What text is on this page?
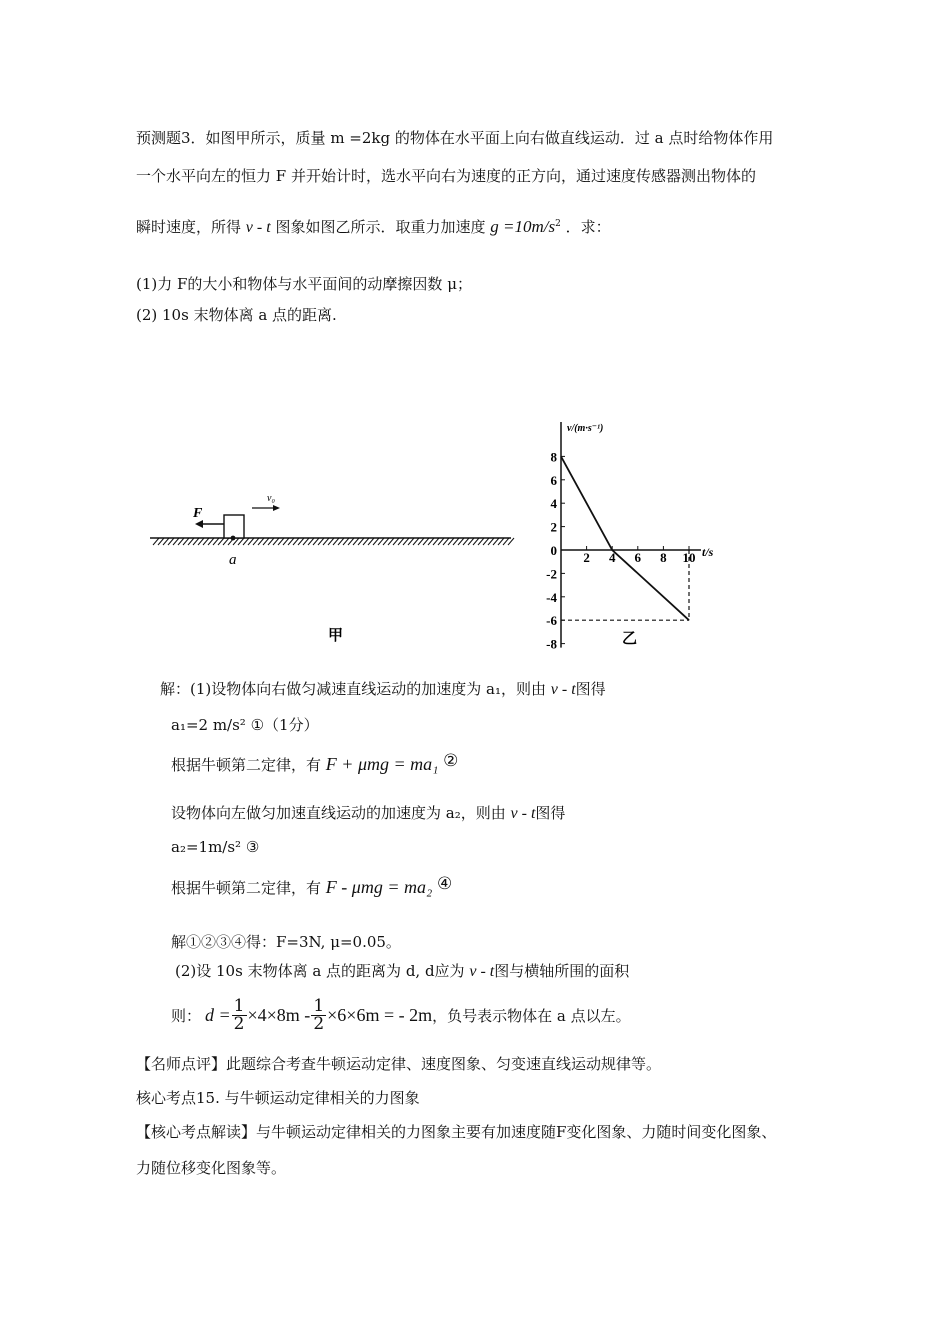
预测题3．如图甲所示，质量 m =2kg 的物体在水平面上向右做直线运动．过 a 点时给物体作用
一个水平向左的恒力 F 并开始计时，选水平向右为速度的正方向，通过速度传感器测出物体的
瞬时速度，所得 v - t 图象如图乙所示．取重力加速度 $g =10m/s^2$ ．求：
(1)力 F的大小和物体与水平面间的动摩擦因数 μ；
(2) 10s 末物体离 a 点的距离.
F
v₀
a
甲
8
6
4
2
-2
-4
-6
-8
0 2 4 6 8 10
v/(m·s⁻¹)
t/s
乙
解：(1)设物体向右做匀减速直线运动的加速度为 a₁，则由 v - t图得
a₁=2 m/s² ①（1分）
根据牛顿第二定律，有 F + μmg = ma₁ ②
设物体向左做匀加速直线运动的加速度为 a₂，则由 v - t图得
a₂=1m/s² ③
根据牛顿第二定律，有 F - μmg = ma₂ ④
解①②③④得：F=3N, μ=0.05。
(2)设 10s 末物体离 a 点的距离为 d, d应为 v - t图与横轴所围的面积
则： $d = \frac{1}{2} \times 4\times 8m - \frac{1}{2} \times 6\times 6m$ = - 2m ，负号表示物体在 a 点以左。
【名师点评】此题综合考查牛顿运动定律、速度图象、匀变速直线运动规律等。
核心考点15. 与牛顿运动定律相关的力图象
【核心考点解读】与牛顿运动定律相关的力图象主要有加速度随F变化图象、力随时间变化图象、
力随位移变化图象等。
